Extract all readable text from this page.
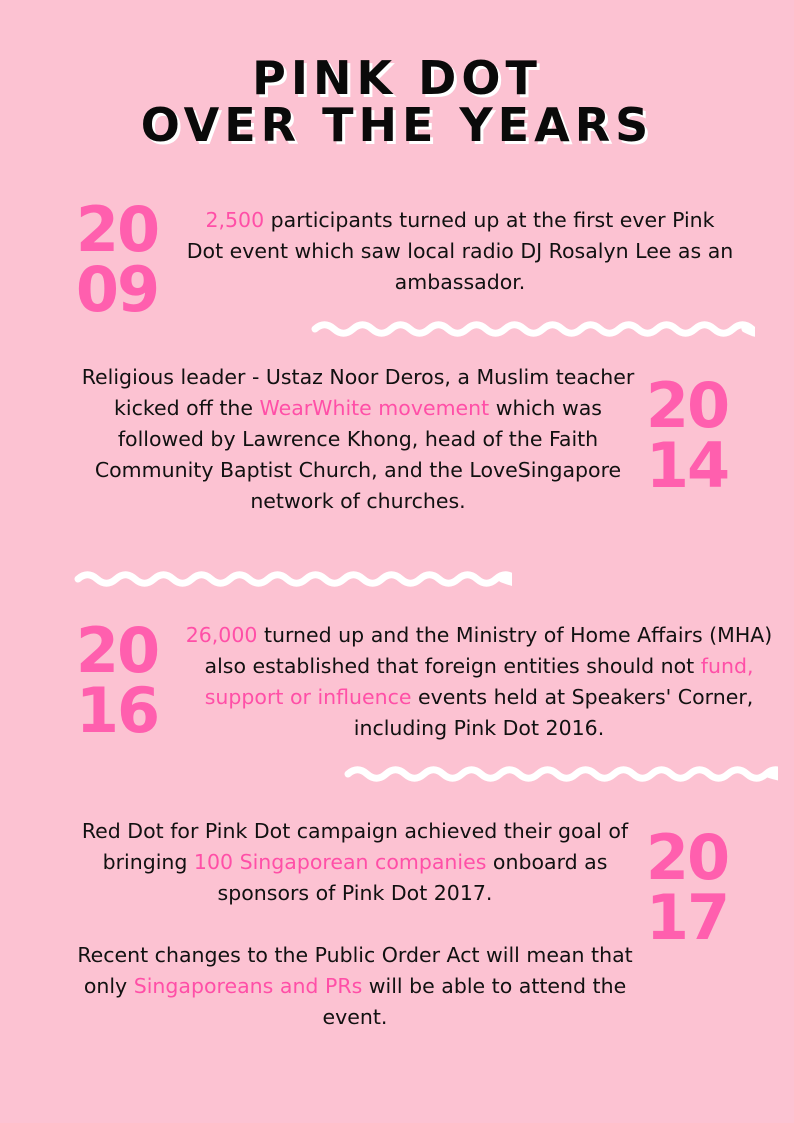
PINK DOT
OVER THE YEARS
20
09

2,500 participants turned up at the first ever Pink Dot event which saw local radio DJ Rosalyn Lee as an ambassador.

Religious leader - Ustaz Noor Deros, a Muslim teacher kicked off the WearWhite movement which was followed by Lawrence Khong, head of the Faith Community Baptist Church, and the LoveSingapore network of churches.

20
14
20
16

26,000 turned up and the Ministry of Home Affairs (MHA) also established that foreign entities should not fund, support or influence events held at Speakers' Corner, including Pink Dot 2016.

Red Dot for Pink Dot campaign achieved their goal of bringing 100 Singaporean companies onboard as sponsors of Pink Dot 2017.

Recent changes to the Public Order Act will mean that only Singaporeans and PRs will be able to attend the event.

20
17
